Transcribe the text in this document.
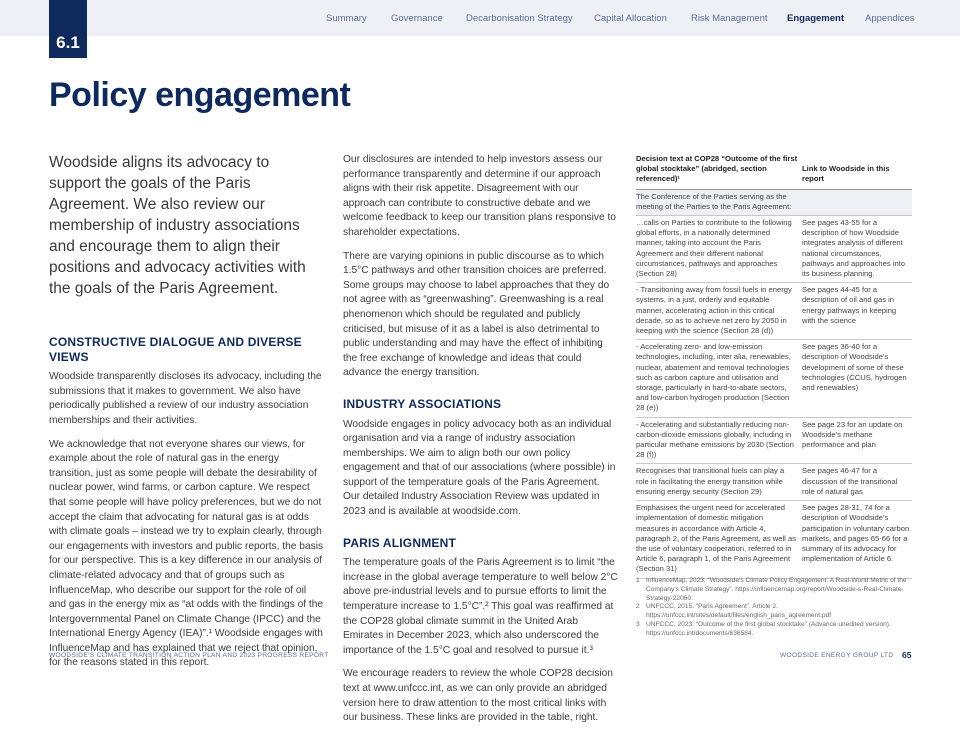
Summary	Governance Decarbonisation Strategy Capital Allocation	Risk Management Engagement Appendices
6.1
Policy engagement

Woodside aligns its advocacy to support the goals of the Paris Agreement. We also review our membership of industry associations and encourage them to align their positions and advocacy activities with the goals of the Paris Agreement.

CONSTRUCTIVE DIALOGUE AND DIVERSE VIEWS

Woodside transparently discloses its advocacy, including the submissions that it makes to government. We also have periodically published a review of our industry association memberships and their activities.

We acknowledge that not everyone shares our views, for example about the role of natural gas in the energy transition, just as some people will debate the desirability of nuclear power, wind farms, or carbon capture. We respect that some people will have policy preferences, but we do not accept the claim that advocating for natural gas is at odds with climate goals – instead we try to explain clearly, through our engagements with investors and public reports, the basis for our perspective. This is a key difference in our analysis of climate-related advocacy and that of groups such as InfluenceMap, who describe our support for the role of oil and gas in the energy mix as “at odds with the findings of the Intergovernmental Panel on Climate Change (IPCC) and the International Energy Agency (IEA)”.¹ Woodside engages with InfluenceMap and has explained that we reject that opinion, for the reasons stated in this report.

Our disclosures are intended to help investors assess our performance transparently and determine if our approach aligns with their risk appetite. Disagreement with our approach can contribute to constructive debate and we welcome feedback to keep our transition plans responsive to shareholder expectations.

There are varying opinions in public discourse as to which 1.5°C pathways and other transition choices are preferred. Some groups may choose to label approaches that they do not agree with as “greenwashing”. Greenwashing is a real phenomenon which should be regulated and publicly criticised, but misuse of it as a label is also detrimental to public understanding and may have the effect of inhibiting the free exchange of knowledge and ideas that could advance the energy transition.

INDUSTRY ASSOCIATIONS

Woodside engages in policy advocacy both as an individual organisation and via a range of industry association memberships. We aim to align both our own policy engagement and that of our associations (where possible) in support of the temperature goals of the Paris Agreement. Our detailed Industry Association Review was updated in 2023 and is available at woodside.com.

PARIS ALIGNMENT

The temperature goals of the Paris Agreement is to limit “the increase in the global average temperature to well below 2°C above pre-industrial levels and to pursue efforts to limit the temperature increase to 1.5°C”.² This goal was reaffirmed at the COP28 global climate summit in the United Arab Emirates in December 2023, which also underscored the importance of the 1.5°C goal and resolved to pursue it.³

We encourage readers to review the whole COP28 decision text at www.unfccc.int, as we can only provide an abridged version here to draw attention to the most critical links with our business. These links are provided in the table, right.

Decision text at COP28 “Outcome of the first global stocktake” (abridged, section referenced)¹	Link to Woodside in this report
The Conference of the Parties serving as the meeting of the Parties to the Paris Agreement:	
…calls on Parties to contribute to the following global efforts, in a nationally determined manner, taking into account the Paris Agreement and their different national circumstances, pathways and approaches (Section 28)	See pages 43-55 for a description of how Woodside integrates analysis of different national circumstances, pathways and approaches into its business planning.
- Transitioning away from fossil fuels in energy systems, in a just, orderly and equitable manner, accelerating action in this critical decade, so as to achieve net zero by 2050 in keeping with the science (Section 28 (d))	See pages 44-45 for a description of oil and gas in energy pathways in keeping with the science
- Accelerating zero- and low-emission technologies, including, inter alia, renewables, nuclear, abatement and removal technologies such as carbon capture and utilisation and storage, particularly in hard-to-abate sectors, and low-carbon hydrogen production (Section 28 (e))	See pages 36-40 for a description of Woodside’s development of some of these technologies (CCUS, hydrogen and renewables)
- Accelerating and substantially reducing non-carbon-dioxide emissions globally, including in particular methane emissions by 2030 (Section 28 (f))	See page 23 for an update on Woodside’s methane performance and plan
Recognises that transitional fuels can play a role in facilitating the energy transition while ensuring energy security (Section 29)	See pages 46-47 for a discussion of the transitional role of natural gas
Emphasises the urgent need for accelerated implementation of domestic mitigation measures in accordance with Article 4, paragraph 2, of the Paris Agreement, as well as the use of voluntary cooperation, referred to in Article 6, paragraph 1, of the Paris Agreement (Section 31)	See pages 28-31, 74 for a description of Woodside’s participation in voluntary carbon markets, and pages 65-66 for a summary of its advocacy for implementation of Article 6.
1 InfluenceMap, 2023. “Woodside’s Climate Policy Engagement: A Real-World Metric of the Company’s Climate Strategy”. https://influencemap.org/report/Woodside-s-Real-Climate-Strategy-22060.
2 UNFCCC, 2015. “Paris Agreement”, Article 2. https://unfccc.int/sites/default/files/english_paris_agreement.pdf
3 UNFCCC, 2023. “Outcome of the first global stocktake” (Advance unedited version). https://unfccc.int/documents/636584.
WOODSIDE’S CLIMATE TRANSITION ACTION PLAN AND 2023 PROGRESS REPORT	WOODSIDE ENERGY GROUP LTD 65
